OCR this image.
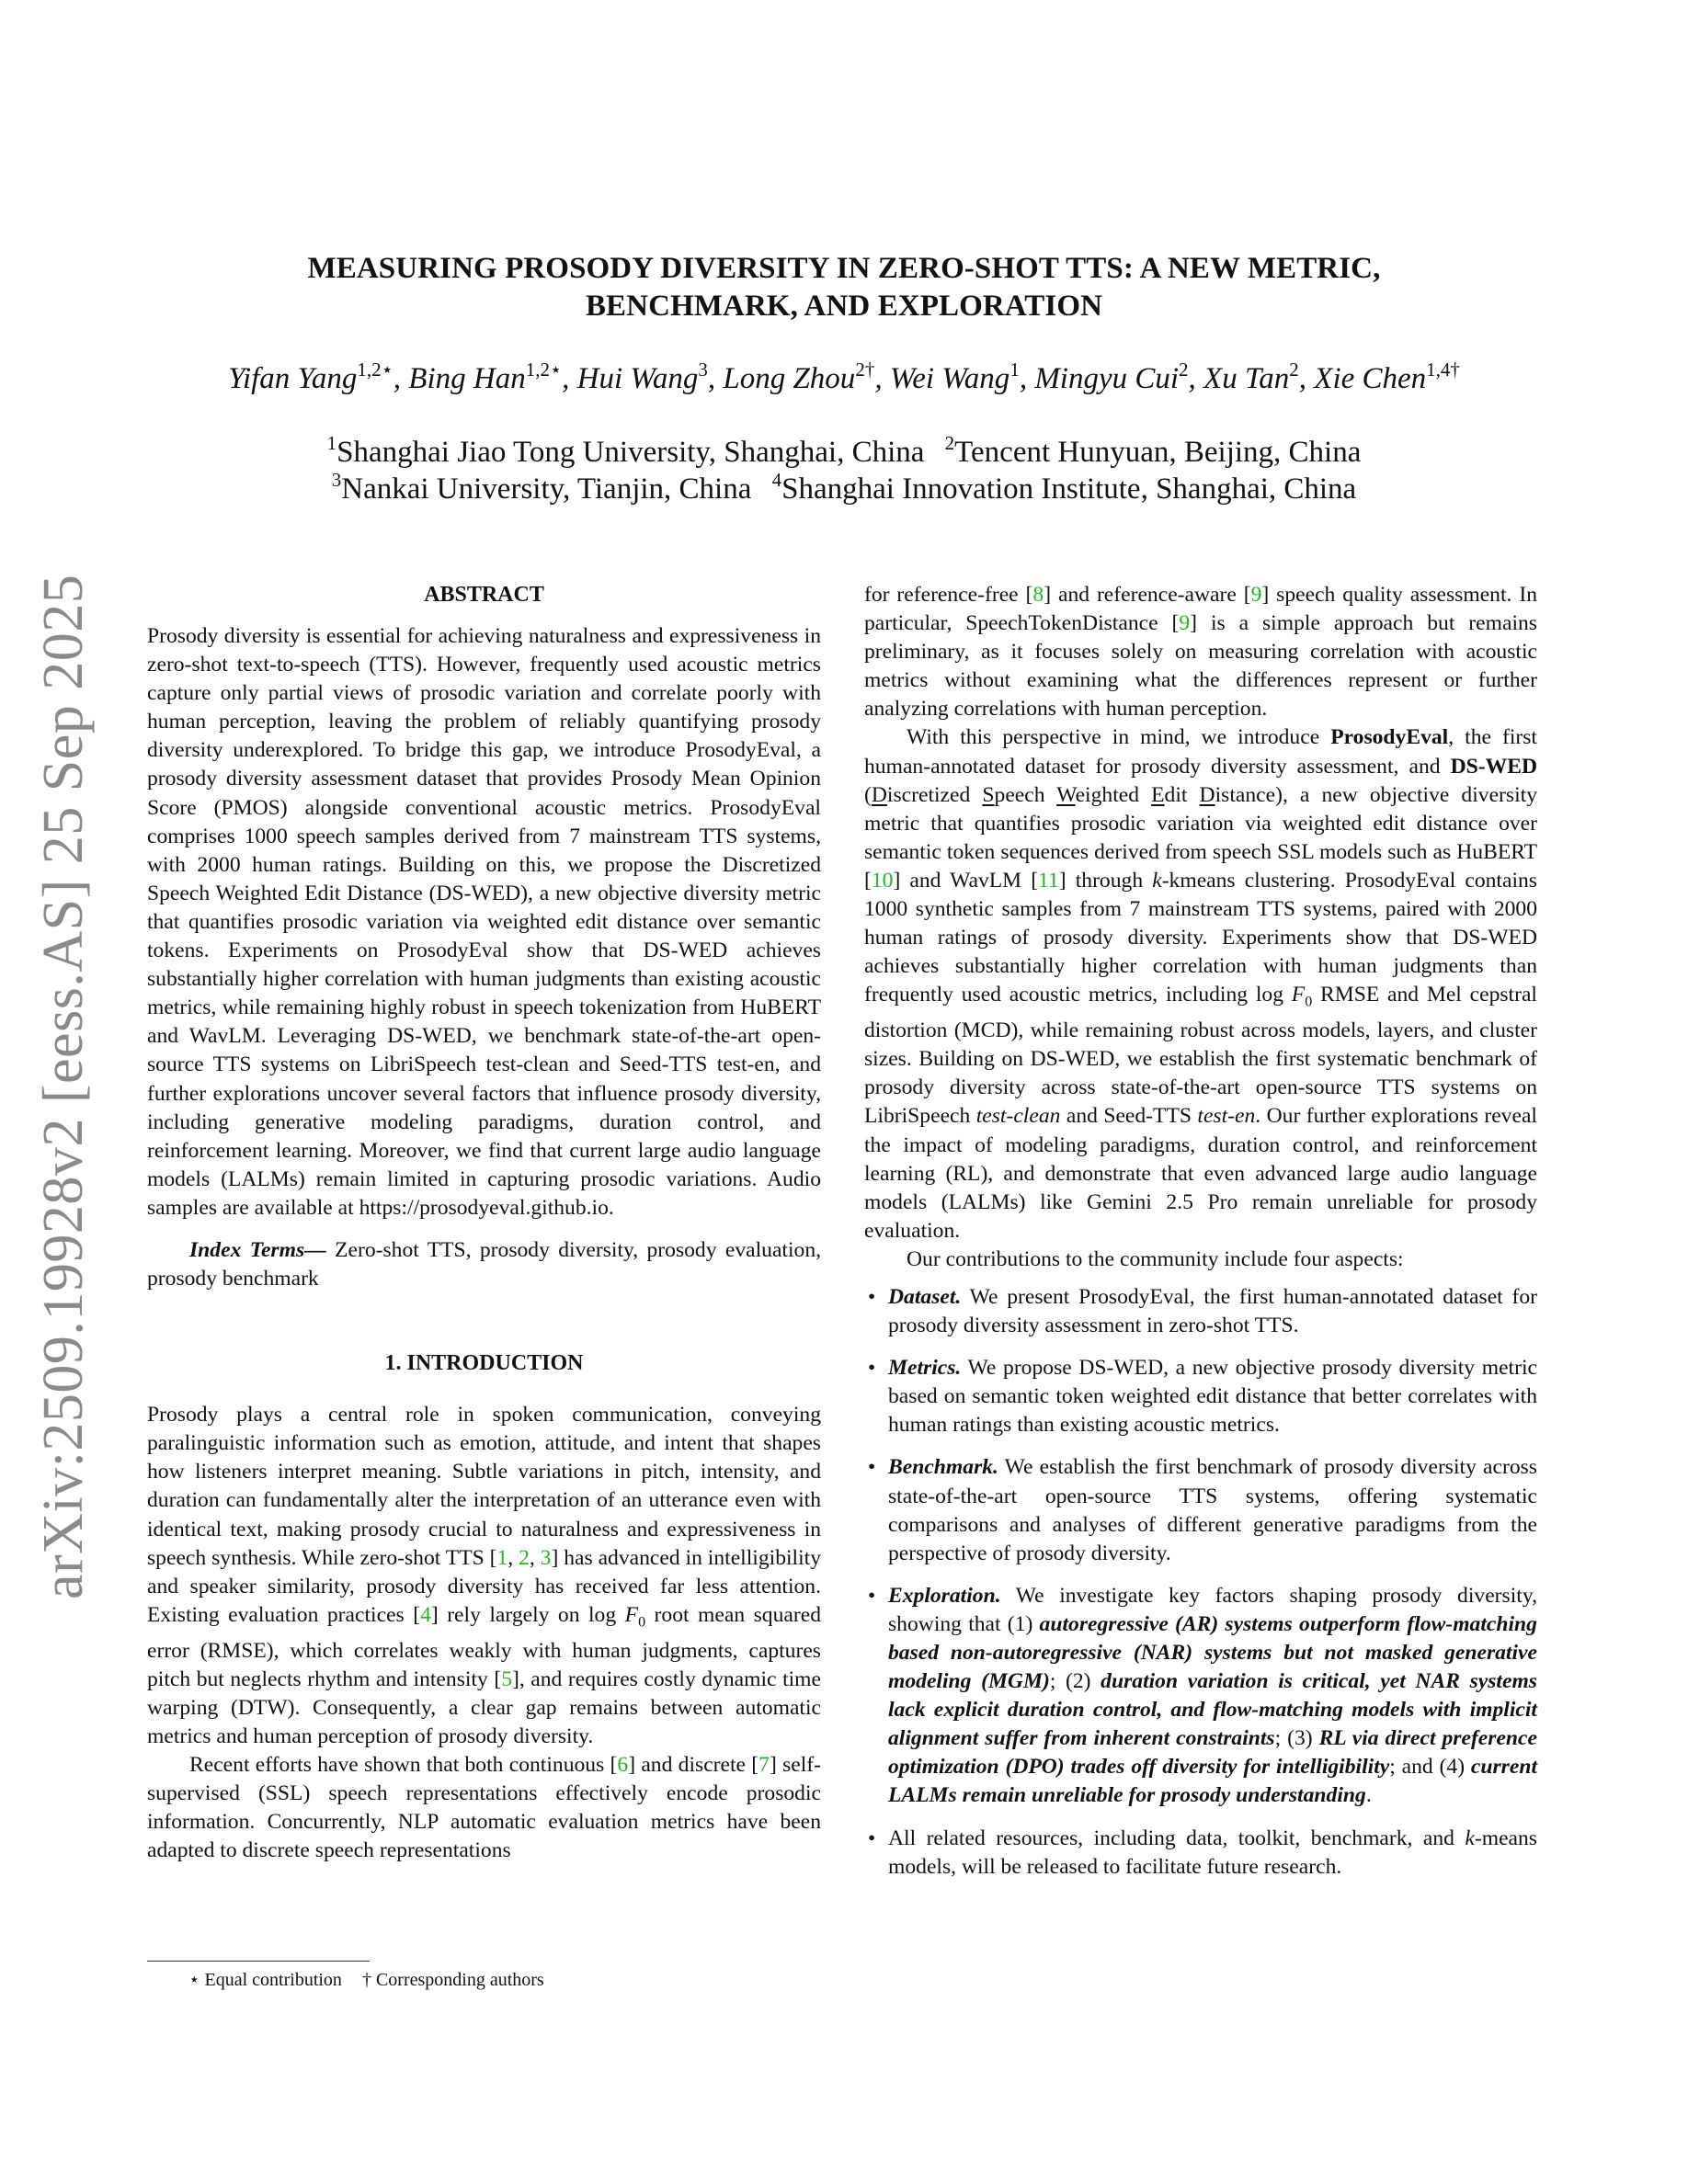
arXiv:2509.19928v2 [eess.AS] 25 Sep 2025
MEASURING PROSODY DIVERSITY IN ZERO-SHOT TTS: A NEW METRIC,
BENCHMARK, AND EXPLORATION
Yifan Yang$^{1,2⋆}$, Bing Han$^{1,2⋆}$, Hui Wang$^3$, Long Zhou$^{2\dagger}$, Wei Wang$^1$, Mingyu Cui$^2$, Xu Tan$^2$, Xie Chen$^{1,4\dagger}$
$^1$Shanghai Jiao Tong University, Shanghai, China $^2$Tencent Hunyuan, Beijing, China
$^3$Nankai University, Tianjin, China $^4$Shanghai Innovation Institute, Shanghai, China
ABSTRACT

Prosody diversity is essential for achieving naturalness and expressiveness in zero-shot text-to-speech (TTS). However, frequently used acoustic metrics capture only partial views of prosodic variation and correlate poorly with human perception, leaving the problem of reliably quantifying prosody diversity underexplored. To bridge this gap, we introduce ProsodyEval, a prosody diversity assessment dataset that provides Prosody Mean Opinion Score (PMOS) alongside conventional acoustic metrics. ProsodyEval comprises 1000 speech samples derived from 7 mainstream TTS systems, with 2000 human ratings. Building on this, we propose the Discretized Speech Weighted Edit Distance (DS-WED), a new objective diversity metric that quantifies prosodic variation via weighted edit distance over semantic tokens. Experiments on ProsodyEval show that DS-WED achieves substantially higher correlation with human judgments than existing acoustic metrics, while remaining highly robust in speech tokenization from HuBERT and WavLM. Leveraging DS-WED, we benchmark state-of-the-art open-source TTS systems on LibriSpeech test-clean and Seed-TTS test-en, and further explorations uncover several factors that influence prosody diversity, including generative modeling paradigms, duration control, and reinforcement learning. Moreover, we find that current large audio language models (LALMs) remain limited in capturing prosodic variations. Audio samples are available at https://prosodyeval.github.io.

Index Terms— Zero-shot TTS, prosody diversity, prosody evaluation, prosody benchmark

1. INTRODUCTION

Prosody plays a central role in spoken communication, conveying paralinguistic information such as emotion, attitude, and intent that shapes how listeners interpret meaning. Subtle variations in pitch, intensity, and duration can fundamentally alter the interpretation of an utterance even with identical text, making prosody crucial to naturalness and expressiveness in speech synthesis. While zero-shot TTS [1, 2, 3] has advanced in intelligibility and speaker similarity, prosody diversity has received far less attention. Existing evaluation practices [4] rely largely on $\log F_0$ root mean squared error (RMSE), which correlates weakly with human judgments, captures pitch but neglects rhythm and intensity [5], and requires costly dynamic time warping (DTW). Consequently, a clear gap remains between automatic metrics and human perception of prosody diversity.

Recent efforts have shown that both continuous [6] and discrete [7] self-supervised (SSL) speech representations effectively encode prosodic information. Concurrently, NLP automatic evaluation metrics have been adapted to discrete speech representations

for reference-free [8] and reference-aware [9] speech quality assessment. In particular, SpeechTokenDistance [9] is a simple approach but remains preliminary, as it focuses solely on measuring correlation with acoustic metrics without examining what the differences represent or further analyzing correlations with human perception.

With this perspective in mind, we introduce ProsodyEval, the first human-annotated dataset for prosody diversity assessment, and DS-WED (Discretized Speech Weighted Edit Distance), a new objective diversity metric that quantifies prosodic variation via weighted edit distance over semantic token sequences derived from speech SSL models such as HuBERT [10] and WavLM [11] through k-kmeans clustering. ProsodyEval contains 1000 synthetic samples from 7 mainstream TTS systems, paired with 2000 human ratings of prosody diversity. Experiments show that DS-WED achieves substantially higher correlation with human judgments than frequently used acoustic metrics, including $\log F_0$ RMSE and Mel cepstral distortion (MCD), while remaining robust across models, layers, and cluster sizes. Building on DS-WED, we establish the first systematic benchmark of prosody diversity across state-of-the-art open-source TTS systems on LibriSpeech test-clean and Seed-TTS test-en. Our further explorations reveal the impact of modeling paradigms, duration control, and reinforcement learning (RL), and demonstrate that even advanced large audio language models (LALMs) like Gemini 2.5 Pro remain unreliable for prosody evaluation.

Our contributions to the community include four aspects:

• Dataset. We present ProsodyEval, the first human-annotated dataset for prosody diversity assessment in zero-shot TTS.
• Metrics. We propose DS-WED, a new objective prosody diversity metric based on semantic token weighted edit distance that better correlates with human ratings than existing acoustic metrics.
• Benchmark. We establish the first benchmark of prosody diversity across state-of-the-art open-source TTS systems, offering systematic comparisons and analyses of different generative paradigms from the perspective of prosody diversity.
• Exploration. We investigate key factors shaping prosody diversity, showing that (1) autoregressive (AR) systems outperform flow-matching based non-autoregressive (NAR) systems but not masked generative modeling (MGM); (2) duration variation is critical, yet NAR systems lack explicit duration control, and flow-matching models with implicit alignment suffer from inherent constraints; (3) RL via direct preference optimization (DPO) trades off diversity for intelligibility; and (4) current LALMs remain unreliable for prosody understanding.
• All related resources, including data, toolkit, benchmark, and k-means models, will be released to facilitate future research.
⋆ Equal contribution † Corresponding authors
